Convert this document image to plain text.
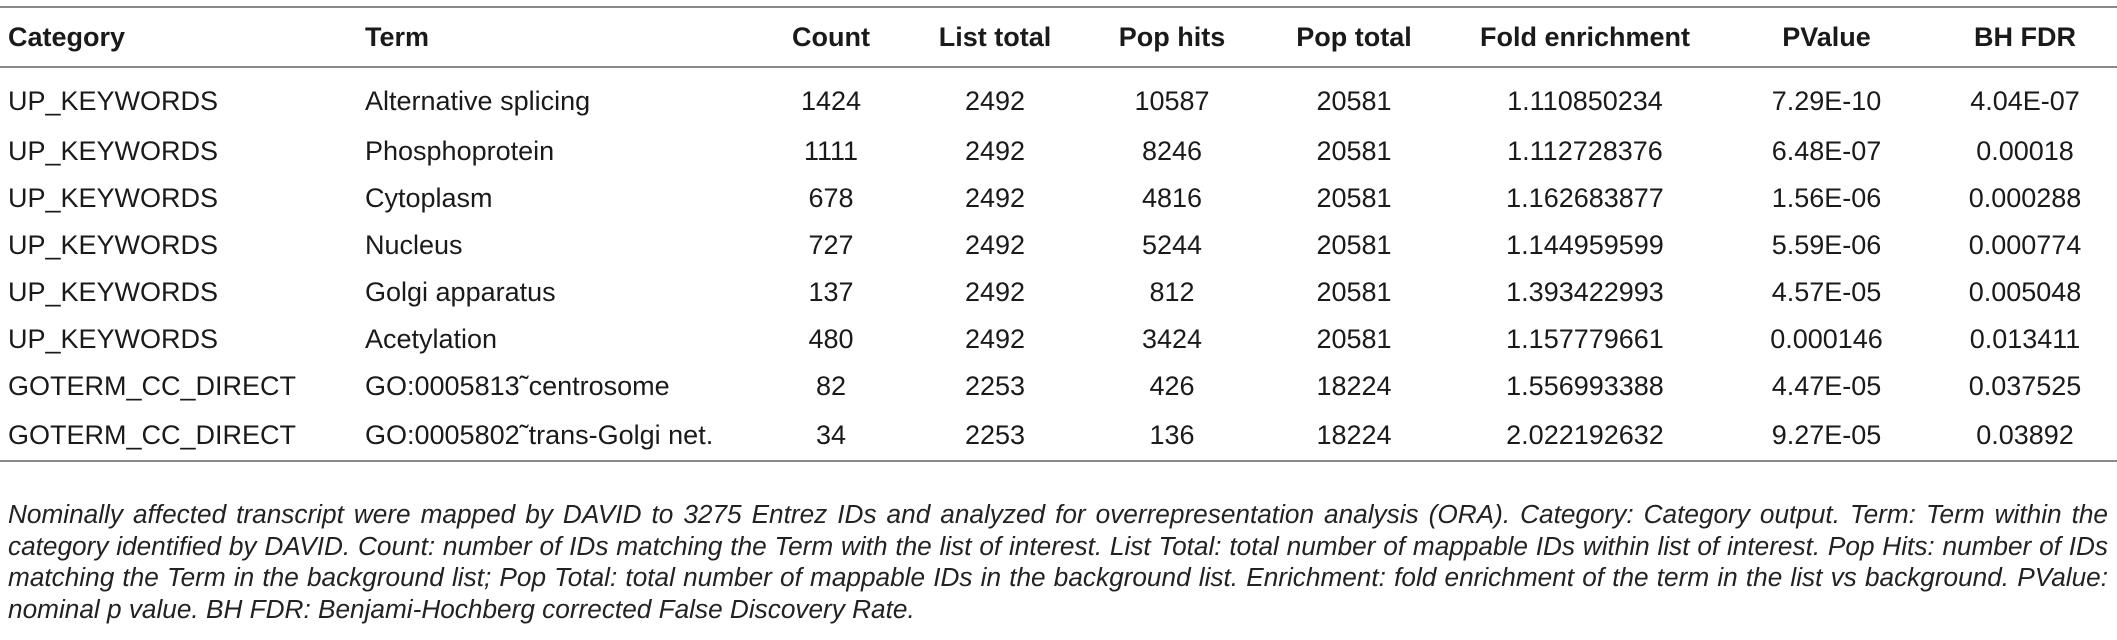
Category	Term	Count	List total	Pop hits	Pop total	Fold enrichment	PValue	BH FDR
UP_KEYWORDS	Alternative splicing	1424	2492	10587	20581	1.110850234	7.29E-10	4.04E-07
UP_KEYWORDS	Phosphoprotein	1111	2492	8246	20581	1.112728376	6.48E-07	0.00018
UP_KEYWORDS	Cytoplasm	678	2492	4816	20581	1.162683877	1.56E-06	0.000288
UP_KEYWORDS	Nucleus	727	2492	5244	20581	1.144959599	5.59E-06	0.000774
UP_KEYWORDS	Golgi apparatus	137	2492	812	20581	1.393422993	4.57E-05	0.005048
UP_KEYWORDS	Acetylation	480	2492	3424	20581	1.157779661	0.000146	0.013411
GOTERM_CC_DIRECT	GO:0005813˜centrosome	82	2253	426	18224	1.556993388	4.47E-05	0.037525
GOTERM_CC_DIRECT	GO:0005802˜trans-Golgi net.	34	2253	136	18224	2.022192632	9.27E-05	0.03892

Nominally affected transcript were mapped by DAVID to 3275 Entrez IDs and analyzed for overrepresentation analysis (ORA). Category: Category output. Term: Term within the category identified by DAVID. Count: number of IDs matching the Term with the list of interest. List Total: total number of mappable IDs within list of interest. Pop Hits: number of IDs matching the Term in the background list; Pop Total: total number of mappable IDs in the background list. Enrichment: fold enrichment of the term in the list vs background. PValue: nominal p value. BH FDR: Benjami-Hochberg corrected False Discovery Rate.
